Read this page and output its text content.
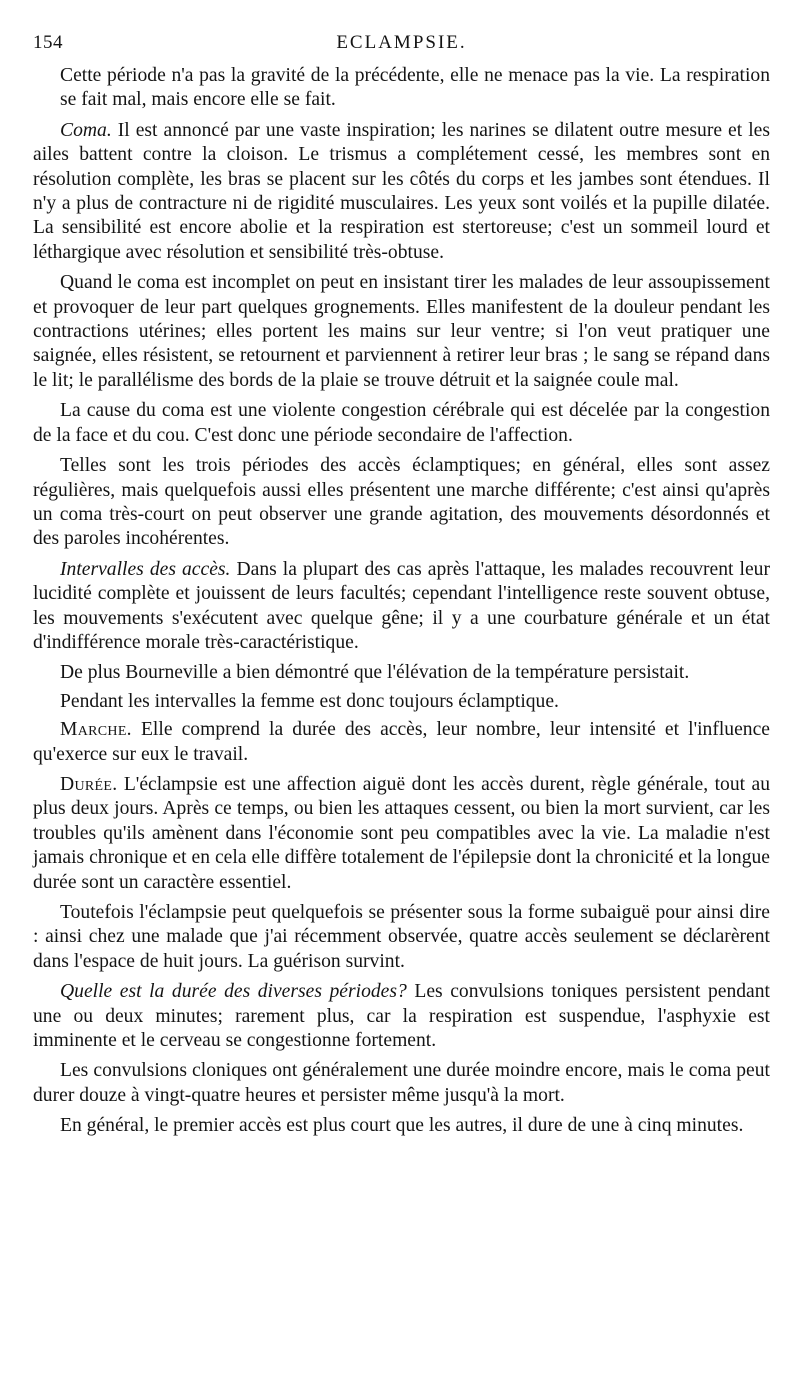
154	ECLAMPSIE.

Cette période n'a pas la gravité de la précédente, elle ne menace pas la vie. La respiration se fait mal, mais encore elle se fait.

Coma. Il est annoncé par une vaste inspiration; les narines se dilatent outre mesure et les ailes battent contre la cloison. Le trismus a complétement cessé, les membres sont en résolution complète, les bras se placent sur les côtés du corps et les jambes sont étendues. Il n'y a plus de contracture ni de rigidité musculaires. Les yeux sont voilés et la pupille dilatée. La sensibilité est encore abolie et la respiration est stertoreuse; c'est un sommeil lourd et léthargique avec résolution et sensibilité très-obtuse.

Quand le coma est incomplet on peut en insistant tirer les malades de leur assoupissement et provoquer de leur part quelques grognements. Elles manifestent de la douleur pendant les contractions utérines; elles portent les mains sur leur ventre; si l'on veut pratiquer une saignée, elles résistent, se retournent et parviennent à retirer leur bras ; le sang se répand dans le lit; le parallélisme des bords de la plaie se trouve détruit et la saignée coule mal.

La cause du coma est une violente congestion cérébrale qui est décelée par la congestion de la face et du cou. C'est donc une période secondaire de l'affection.

Telles sont les trois périodes des accès éclamptiques; en général, elles sont assez régulières, mais quelquefois aussi elles présentent une marche différente; c'est ainsi qu'après un coma très-court on peut observer une grande agitation, des mouvements désordonnés et des paroles incohérentes.

Intervalles des accès. Dans la plupart des cas après l'attaque, les malades recouvrent leur lucidité complète et jouissent de leurs facultés; cependant l'intelligence reste souvent obtuse, les mouvements s'exécutent avec quelque gêne; il y a une courbature générale et un état d'indifférence morale très-caractéristique.

De plus Bourneville a bien démontré que l'élévation de la température persistait.

Pendant les intervalles la femme est donc toujours éclamptique.

Marche. Elle comprend la durée des accès, leur nombre, leur intensité et l'influence qu'exerce sur eux le travail.

Durée. L'éclampsie est une affection aiguë dont les accès durent, règle générale, tout au plus deux jours. Après ce temps, ou bien les attaques cessent, ou bien la mort survient, car les troubles qu'ils amènent dans l'économie sont peu compatibles avec la vie. La maladie n'est jamais chronique et en cela elle diffère totalement de l'épilepsie dont la chronicité et la longue durée sont un caractère essentiel.

Toutefois l'éclampsie peut quelquefois se présenter sous la forme subaiguë pour ainsi dire : ainsi chez une malade que j'ai récemment observée, quatre accès seulement se déclarèrent dans l'espace de huit jours. La guérison survint.

Quelle est la durée des diverses périodes? Les convulsions toniques persistent pendant une ou deux minutes; rarement plus, car la respiration est suspendue, l'asphyxie est imminente et le cerveau se congestionne fortement.

Les convulsions cloniques ont généralement une durée moindre encore, mais le coma peut durer douze à vingt-quatre heures et persister même jusqu'à la mort.

En général, le premier accès est plus court que les autres, il dure de une à cinq minutes.
